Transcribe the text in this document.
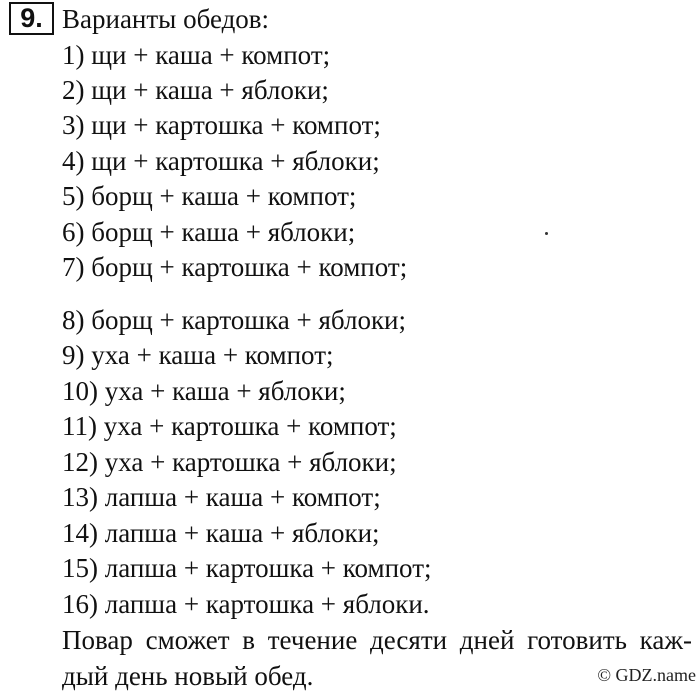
9. Варианты обедов:
1) щи + каша + компот;
2) щи + каша + яблоки;
3) щи + картошка + компот;
4) щи + картошка + яблоки;
5) борщ + каша + компот;
6) борщ + каша + яблоки;
7) борщ + картошка + компот;
8) борщ + картошка + яблоки;
9) уха + каша + компот;
10) уха + каша + яблоки;
11) уха + картошка + компот;
12) уха + картошка + яблоки;
13) лапша + каша + компот;
14) лапша + каша + яблоки;
15) лапша + картошка + компот;
16) лапша + картошка + яблоки.
Повар сможет в течение десяти дней готовить каж-
дый день новый обед.	© GDZ.name
